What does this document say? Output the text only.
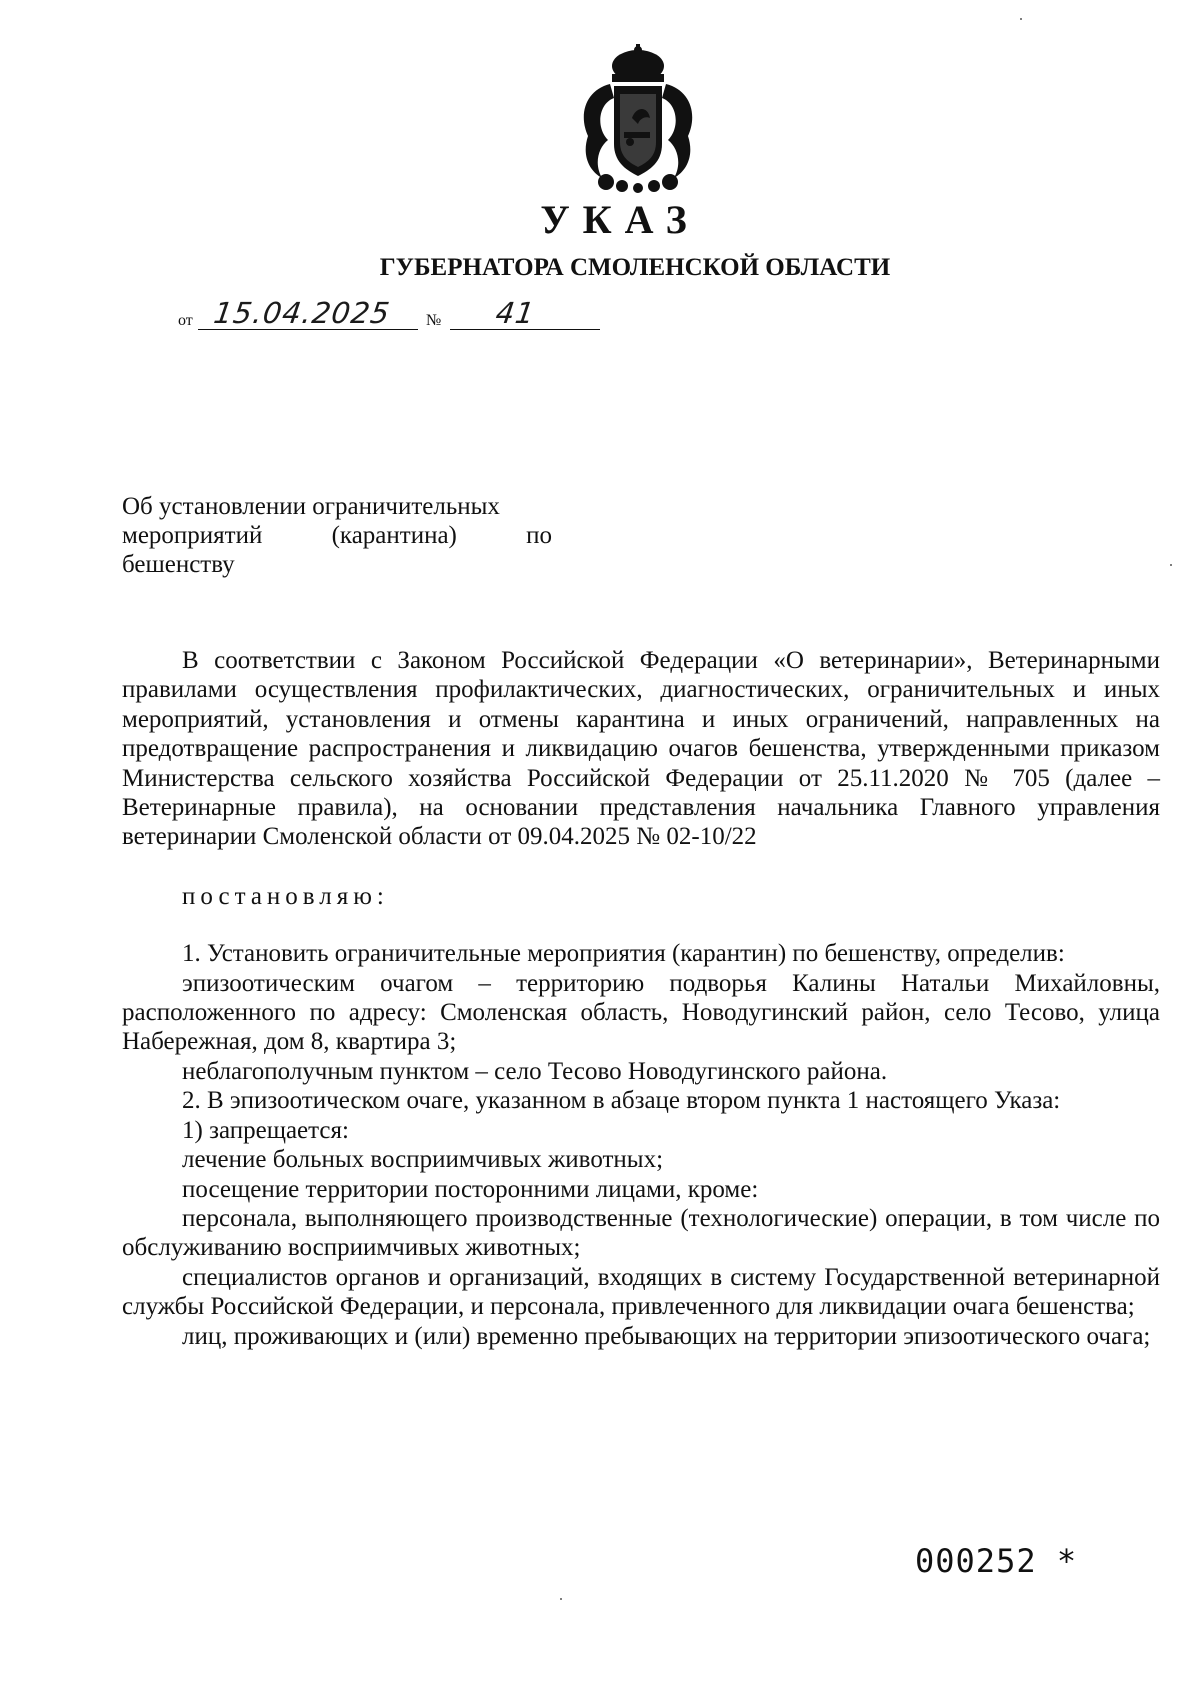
УКАЗ
ГУБЕРНАТОРА СМОЛЕНСКОЙ ОБЛАСТИ
от 15.04.2025 № 41
Об установлении ограничительных
мероприятий (карантина) по
бешенству

В соответствии с Законом Российской Федерации «О ветеринарии», Ветеринарными правилами осуществления профилактических, диагностических, ограничительных и иных мероприятий, установления и отмены карантина и иных ограничений, направленных на предотвращение распространения и ликвидацию очагов бешенства, утвержденными приказом Министерства сельского хозяйства Российской Федерации от 25.11.2020 № 705 (далее – Ветеринарные правила), на основании представления начальника Главного управления ветеринарии Смоленской области от 09.04.2025 № 02-10/22

постановляю:

1. Установить ограничительные мероприятия (карантин) по бешенству, определив:

эпизоотическим очагом – территорию подворья Калины Натальи Михайловны, расположенного по адресу: Смоленская область, Новодугинский район, село Тесово, улица Набережная, дом 8, квартира 3;

неблагополучным пунктом – село Тесово Новодугинского района.

2. В эпизоотическом очаге, указанном в абзаце втором пункта 1 настоящего Указа:

1) запрещается:

лечение больных восприимчивых животных;

посещение территории посторонними лицами, кроме:

персонала, выполняющего производственные (технологические) операции, в том числе по обслуживанию восприимчивых животных;

специалистов органов и организаций, входящих в систему Государственной ветеринарной службы Российской Федерации, и персонала, привлеченного для ликвидации очага бешенства;

лиц, проживающих и (или) временно пребывающих на территории эпизоотического очага;

000252 *
